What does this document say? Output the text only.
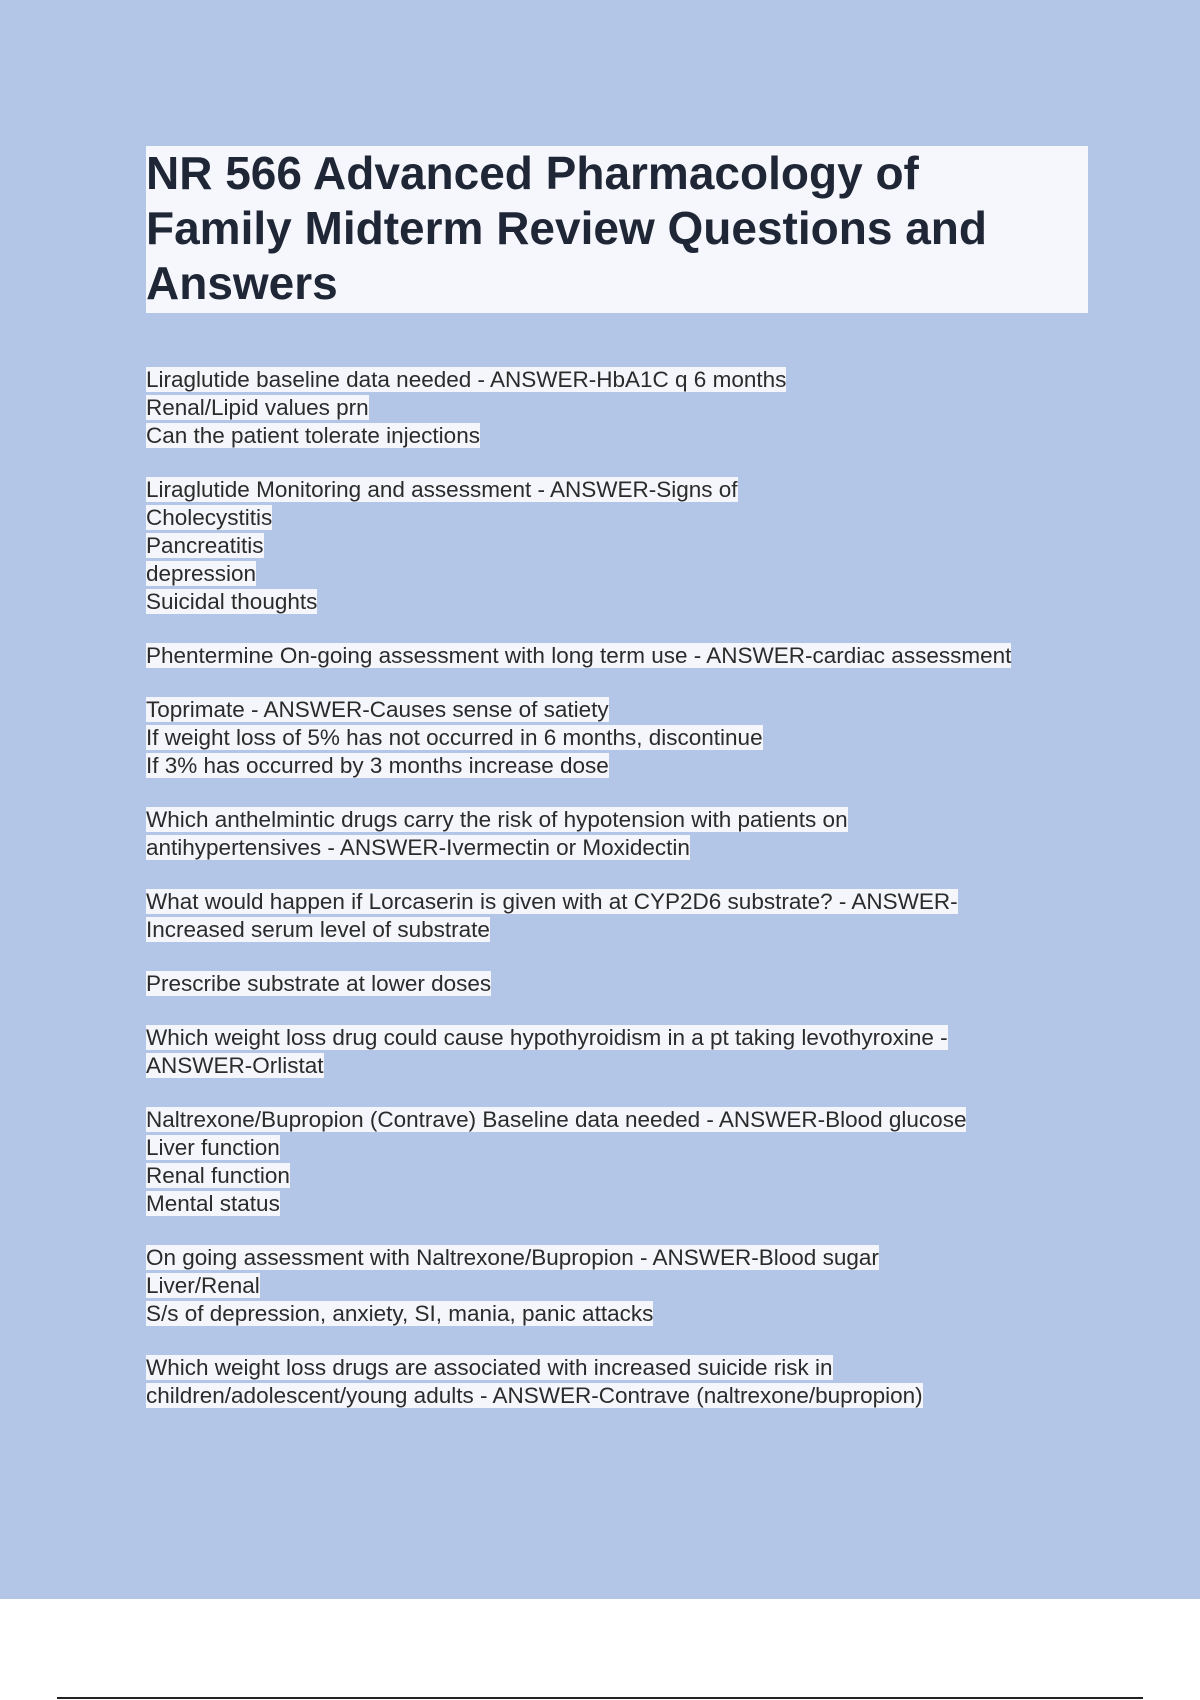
NR 566 Advanced Pharmacology of
Family Midterm Review Questions and
Answers
Liraglutide baseline data needed - ANSWER-HbA1C q 6 months
Renal/Lipid values prn
Can the patient tolerate injections
Liraglutide Monitoring and assessment - ANSWER-Signs of
Cholecystitis
Pancreatitis
depression
Suicidal thoughts
Phentermine On-going assessment with long term use - ANSWER-cardiac assessment
Toprimate - ANSWER-Causes sense of satiety
If weight loss of 5% has not occurred in 6 months, discontinue
If 3% has occurred by 3 months increase dose
Which anthelmintic drugs carry the risk of hypotension with patients on
antihypertensives - ANSWER-Ivermectin or Moxidectin
What would happen if Lorcaserin is given with at CYP2D6 substrate? - ANSWER-
Increased serum level of substrate
Prescribe substrate at lower doses
Which weight loss drug could cause hypothyroidism in a pt taking levothyroxine -
ANSWER-Orlistat
Naltrexone/Bupropion (Contrave) Baseline data needed - ANSWER-Blood glucose
Liver function
Renal function
Mental status
On going assessment with Naltrexone/Bupropion - ANSWER-Blood sugar
Liver/Renal
S/s of depression, anxiety, SI, mania, panic attacks
Which weight loss drugs are associated with increased suicide risk in
children/adolescent/young adults - ANSWER-Contrave (naltrexone/bupropion)
